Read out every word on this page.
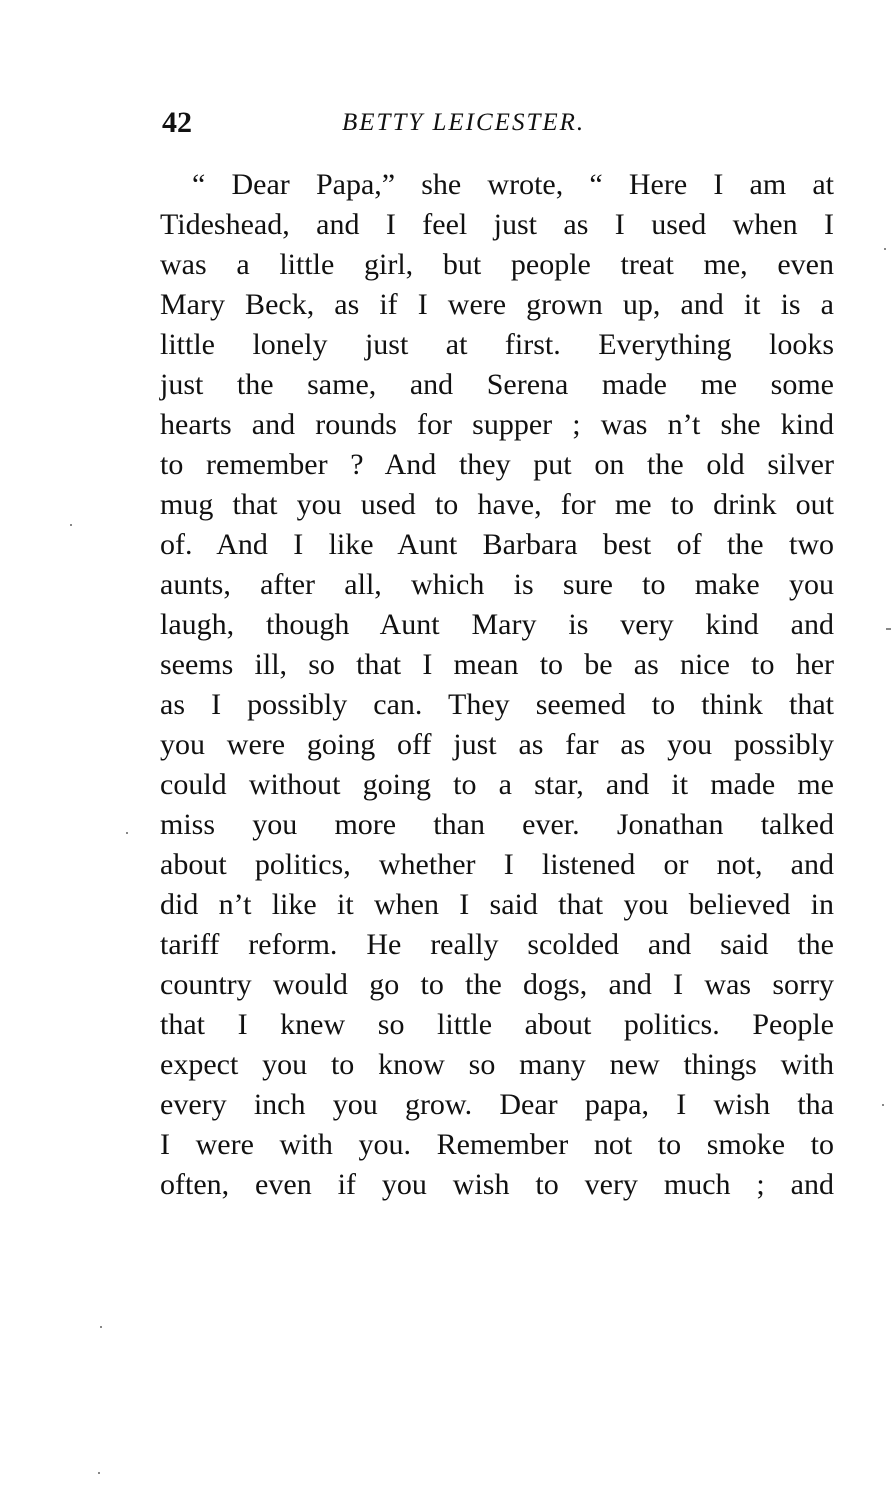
42	BETTY LEICESTER.
“ Dear Papa,” she wrote, “ Here I am at
Tideshead, and I feel just as I used when I
was a little girl, but people treat me, even
Mary Beck, as if I were grown up, and it is a
little lonely just at first. Everything looks
just the same, and Serena made me some
hearts and rounds for supper ; was n’t she kind
to remember ? And they put on the old silver
mug that you used to have, for me to drink out
of. And I like Aunt Barbara best of the two
aunts, after all, which is sure to make you
laugh, though Aunt Mary is very kind and
seems ill, so that I mean to be as nice to her
as I possibly can. They seemed to think that
you were going off just as far as you possibly
could without going to a star, and it made me
miss you more than ever. Jonathan talked
about politics, whether I listened or not, and
did n’t like it when I said that you believed in
tariff reform. He really scolded and said the
country would go to the dogs, and I was sorry
that I knew so little about politics. People
expect you to know so many new things with
every inch you grow. Dear papa, I wish tha
I were with you. Remember not to smoke to
often, even if you wish to very much ; and
